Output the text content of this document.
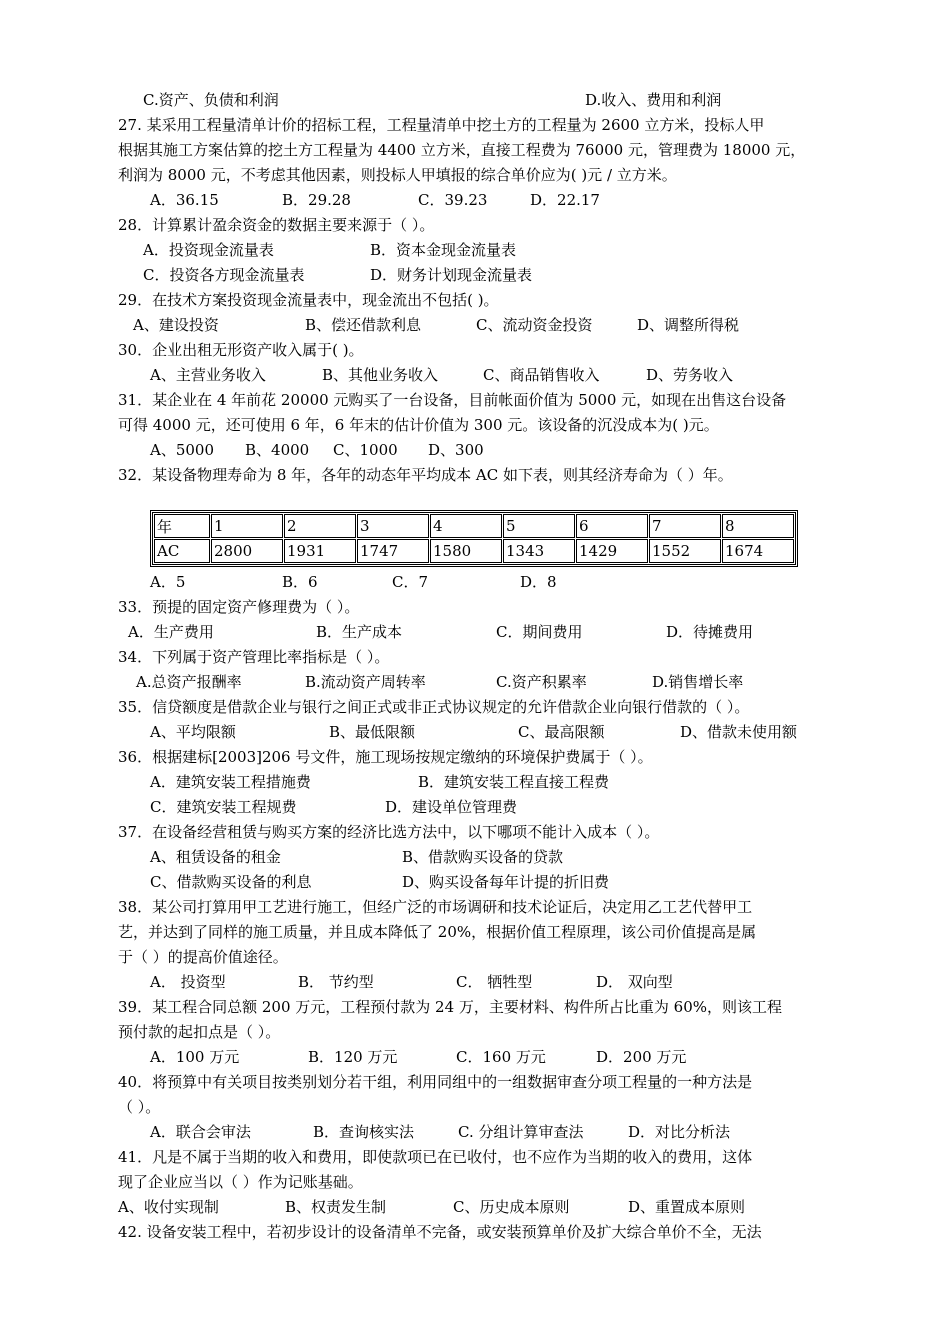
C.资产、负债和利润	D.收入、费用和利润
27. 某采用工程量清单计价的招标工程，工程量清单中挖土方的工程量为 2600 立方米，投标人甲
根据其施工方案估算的挖土方工程量为 4400 立方米，直接工程费为 76000 元，管理费为 18000 元，
利润为 8000 元，不考虑其他因素，则投标人甲填报的综合单价应为( )元 / 立方米。
A．36.15	B．29.28	C．39.23	D．22.17
28．计算累计盈余资金的数据主要来源于（ ）。
A．投资现金流量表	B．资本金现金流量表
C．投资各方现金流量表	D．财务计划现金流量表
29．在技术方案投资现金流量表中，现金流出不包括( )。
A、建设投资	B、偿还借款利息	C、流动资金投资	D、调整所得税
30．企业出租无形资产收入属于( )。
A、主营业务收入	B、其他业务收入	C、商品销售收入	D、劳务收入
31．某企业在 4 年前花 20000 元购买了一台设备，目前帐面价值为 5000 元，如现在出售这台设备
可得 4000 元，还可使用 6 年，6 年末的估计价值为 300 元。该设备的沉没成本为( )元。
A、5000 B、4000 C、1000 D、300
32．某设备物理寿命为 8 年，各年的动态年平均成本 AC 如下表，则其经济寿命为（ ）年。
年	1	2	3	4	5	6	7	8
AC	2800	1931	1747	1580	1343	1429	1552	1674
A．5	B．6	C．7	D．8
33．预提的固定资产修理费为（ ）。
A．生产费用	B．生产成本	C．期间费用	D．待摊费用
34．下列属于资产管理比率指标是（ ）。
A.总资产报酬率	B.流动资产周转率	C.资产积累率	D.销售增长率
35．信贷额度是借款企业与银行之间正式或非正式协议规定的允许借款企业向银行借款的（ ）。
A、平均限额	B、最低限额	C、最高限额	D、借款未使用额
36．根据建标[2003]206 号文件，施工现场按规定缴纳的环境保护费属于（ ）。
A．建筑安装工程措施费	B．建筑安装工程直接工程费
C．建筑安装工程规费	D．建设单位管理费
37．在设备经营租赁与购买方案的经济比选方法中，以下哪项不能计入成本（ ）。
A、租赁设备的租金	B、借款购买设备的贷款
C、借款购买设备的利息	D、购买设备每年计提的折旧费
38．某公司打算用甲工艺进行施工，但经广泛的市场调研和技术论证后，决定用乙工艺代替甲工
艺，并达到了同样的施工质量，并且成本降低了 20%，根据价值工程原理，该公司价值提高是属
于（ ）的提高价值途径。
A． 投资型	B． 节约型	C． 牺牲型	D． 双向型
39．某工程合同总额 200 万元，工程预付款为 24 万，主要材料、构件所占比重为 60%，则该工程
预付款的起扣点是（ ）。
A．100 万元	B．120 万元	C．160 万元	D．200 万元
40．将预算中有关项目按类别划分若干组，利用同组中的一组数据审查分项工程量的一种方法是
（ ）。
A．联合会审法	B．查询核实法	C. 分组计算审查法	D．对比分析法
41．凡是不属于当期的收入和费用，即使款项已在已收付，也不应作为当期的收入的费用，这体
现了企业应当以（ ）作为记账基础。
A、收付实现制	B、权责发生制	C、历史成本原则	D、重置成本原则
42. 设备安装工程中，若初步设计的设备清单不完备，或安装预算单价及扩大综合单价不全，无法
